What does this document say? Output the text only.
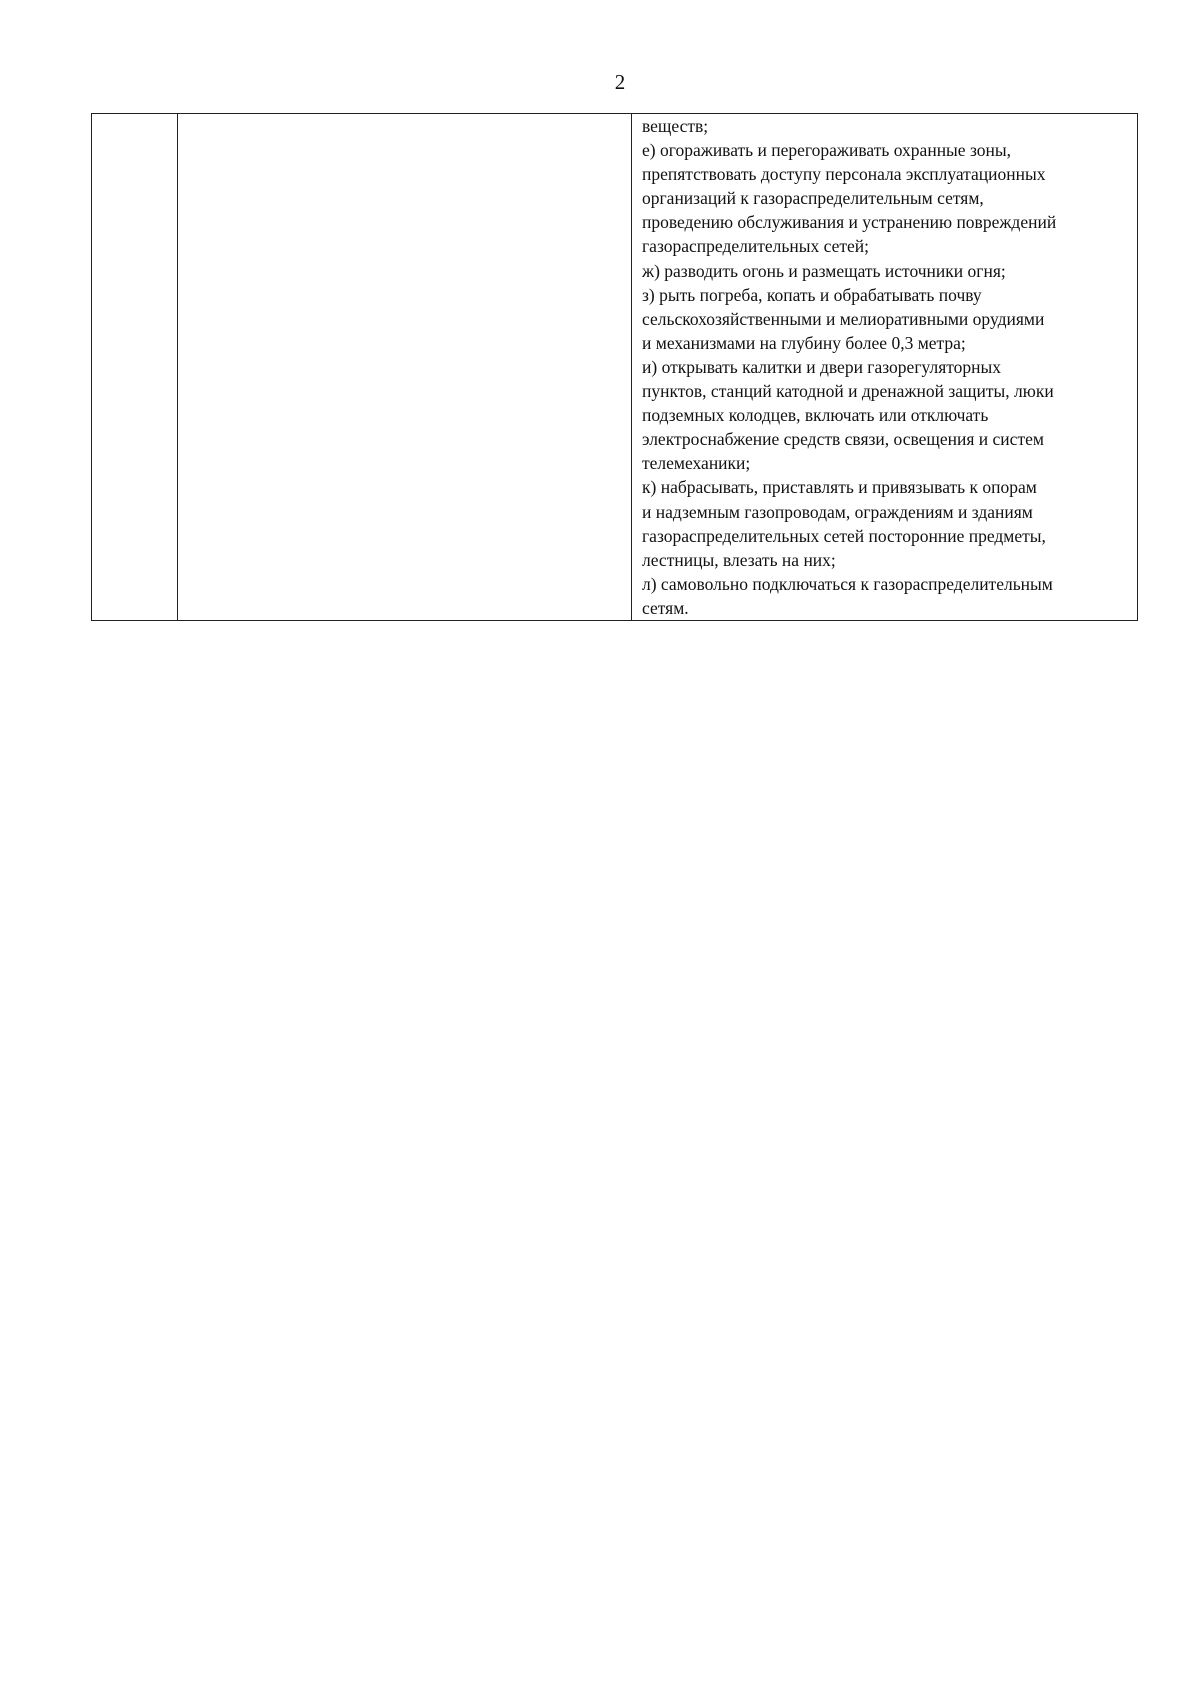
2

веществ;
е) огораживать и перегораживать охранные зоны,
препятствовать доступу персонала эксплуатационных
организаций к газораспределительным сетям,
проведению обслуживания и устранению повреждений
газораспределительных сетей;
ж) разводить огонь и размещать источники огня;
з) рыть погреба, копать и обрабатывать почву
сельскохозяйственными и мелиоративными орудиями
и механизмами на глубину более 0,3 метра;
и) открывать калитки и двери газорегуляторных
пунктов, станций катодной и дренажной защиты, люки
подземных колодцев, включать или отключать
электроснабжение средств связи, освещения и систем
телемеханики;
к) набрасывать, приставлять и привязывать к опорам
и надземным газопроводам, ограждениям и зданиям
газораспределительных сетей посторонние предметы,
лестницы, влезать на них;
л) самовольно подключаться к газораспределительным
сетям.
